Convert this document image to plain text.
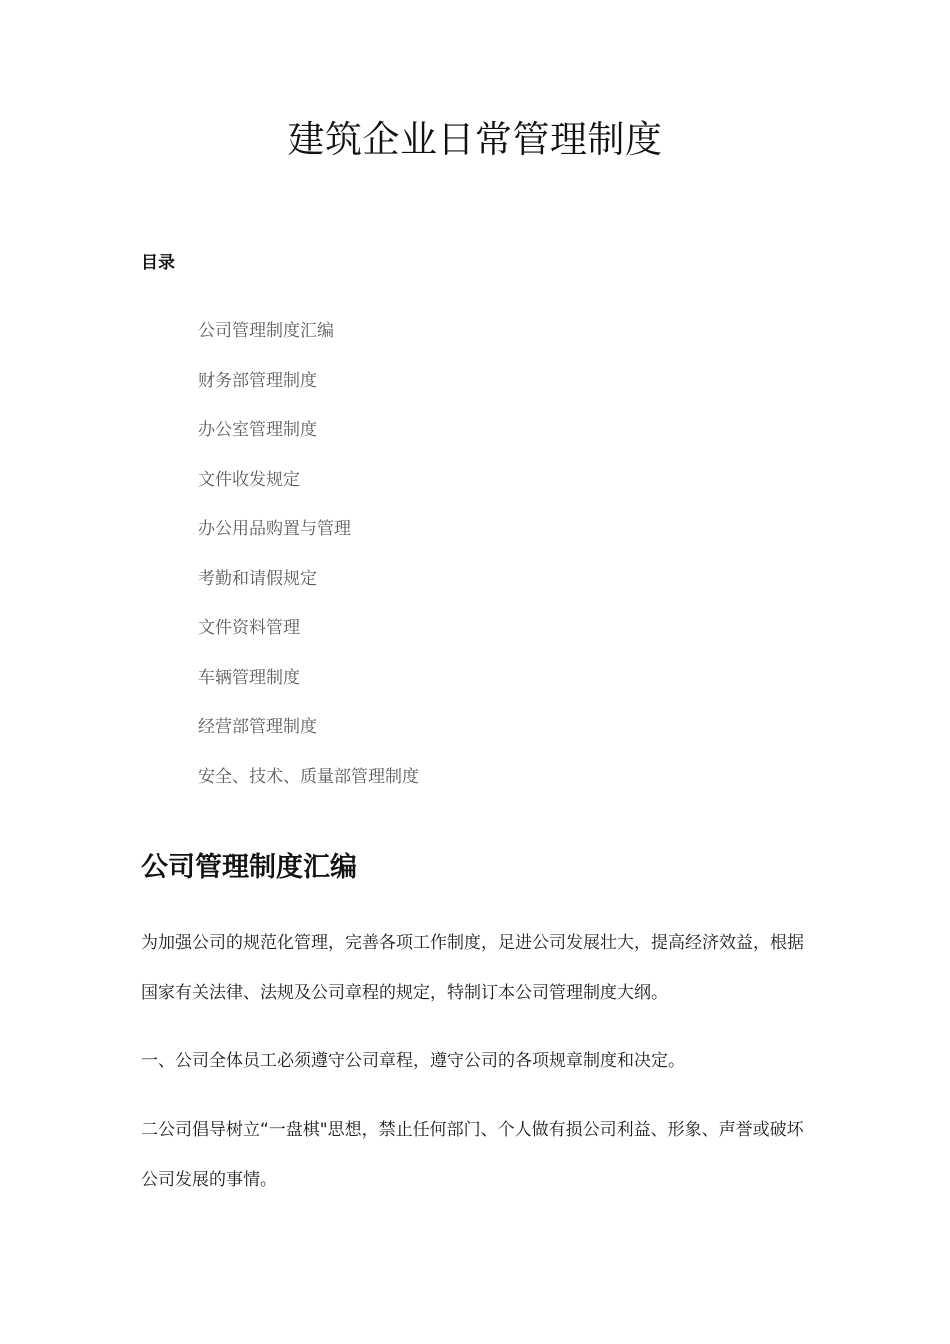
建筑企业日常管理制度
目录
公司管理制度汇编
财务部管理制度
办公室管理制度
文件收发规定
办公用品购置与管理
考勤和请假规定
文件资料管理
车辆管理制度
经营部管理制度
安全、技术、质量部管理制度
公司管理制度汇编

为加强公司的规范化管理，完善各项工作制度，足进公司发展壮大，提高经济效益，根据国家有关法律、法规及公司章程的规定，特制订本公司管理制度大纲。

一、公司全体员工必须遵守公司章程，遵守公司的各项规章制度和决定。

二公司倡导树立“一盘棋"思想，禁止任何部门、个人做有损公司利益、形象、声誉或破坏公司发展的事情。
